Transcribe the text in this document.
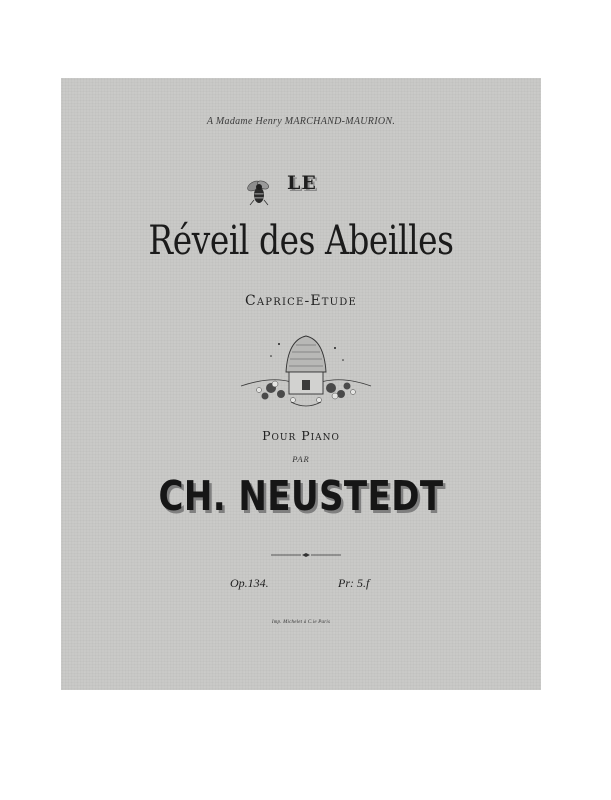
A Madame Henry MARCHAND-MAURION.
LE
Réveil des Abeilles
Caprice-Etude
Pour Piano
PAR
CH. NEUSTEDT
Op.134.	Pr: 5.f
Imp. Michelet à C.ie Paris
